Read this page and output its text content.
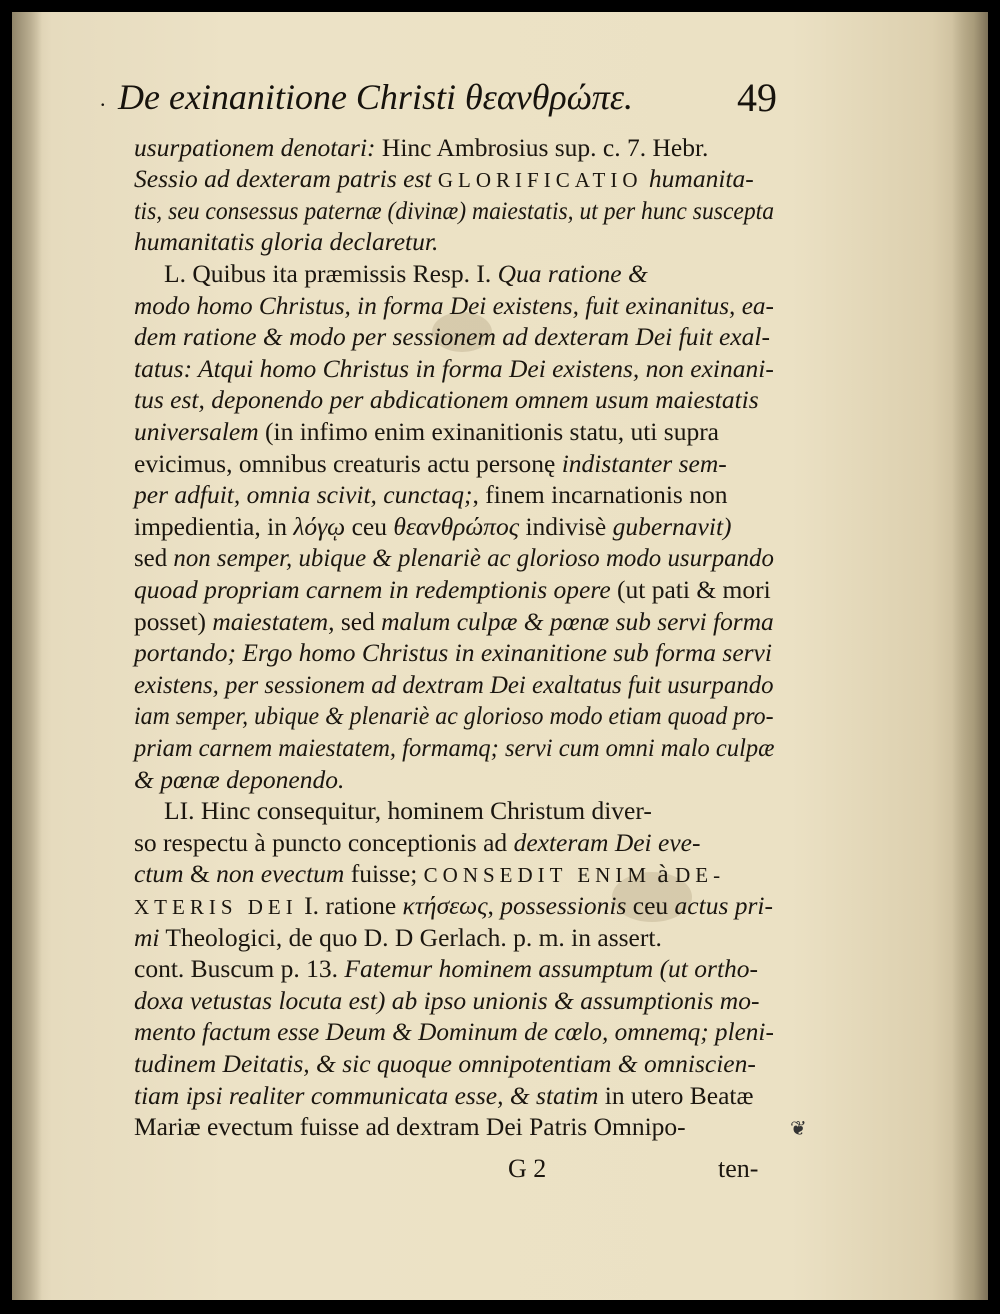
. De exinanitione Christi θεανθρώπε.	49
usurpationem denotari: Hinc Ambrosius sup. c. 7. Hebr.
Sessio ad dexteram patris est GLORIFICATIO humanita-
tis, seu consessus paternæ (divinæ) maiestatis, ut per hunc suscepta
humanitatis gloria declaretur.
L. Quibus ita præmissis Resp. I. Qua ratione &
modo homo Christus, in forma Dei existens, fuit exinanitus, ea-
dem ratione & modo per sessionem ad dexteram Dei fuit exal-
tatus: Atqui homo Christus in forma Dei existens, non exinani-
tus est, deponendo per abdicationem omnem usum maiestatis
universalem (in infimo enim exinanitionis statu, uti supra
evicimus, omnibus creaturis actu personę indistanter sem-
per adfuit, omnia scivit, cunctaq;, finem incarnationis non
impedientia, in λόγῳ ceu θεανθρώπος indivisè gubernavit)
sed non semper, ubique & plenariè ac glorioso modo usurpando
quoad propriam carnem in redemptionis opere (ut pati & mori
posset) maiestatem, sed malum culpæ & pœnæ sub servi forma
portando; Ergo homo Christus in exinanitione sub forma servi
existens, per sessionem ad dextram Dei exaltatus fuit usurpando
iam semper, ubique & plenariè ac glorioso modo etiam quoad pro-
priam carnem maiestatem, formamq; servi cum omni malo culpæ
& pœnæ deponendo.
LI. Hinc consequitur, hominem Christum diver-
so respectu à puncto conceptionis ad dexteram Dei eve-
ctum & non evectum fuisse; CONSEDIT ENIM à DE-
XTERIS DEI I. ratione κτήσεως, possessionis ceu actus pri-
mi Theologici, de quo D. D Gerlach. p. m. in assert.
cont. Buscum p. 13. Fatemur hominem assumptum (ut ortho-
doxa vetustas locuta est) ab ipso unionis & assumptionis mo-
mento factum esse Deum & Dominum de cœlo, omnemq; pleni-
tudinem Deitatis, & sic quoque omnipotentiam & omniscien-
tiam ipsi realiter communicata esse, & statim in utero Beatæ
Mariæ evectum fuisse ad dextram Dei Patris Omnipo-	❦
G 2	ten-
